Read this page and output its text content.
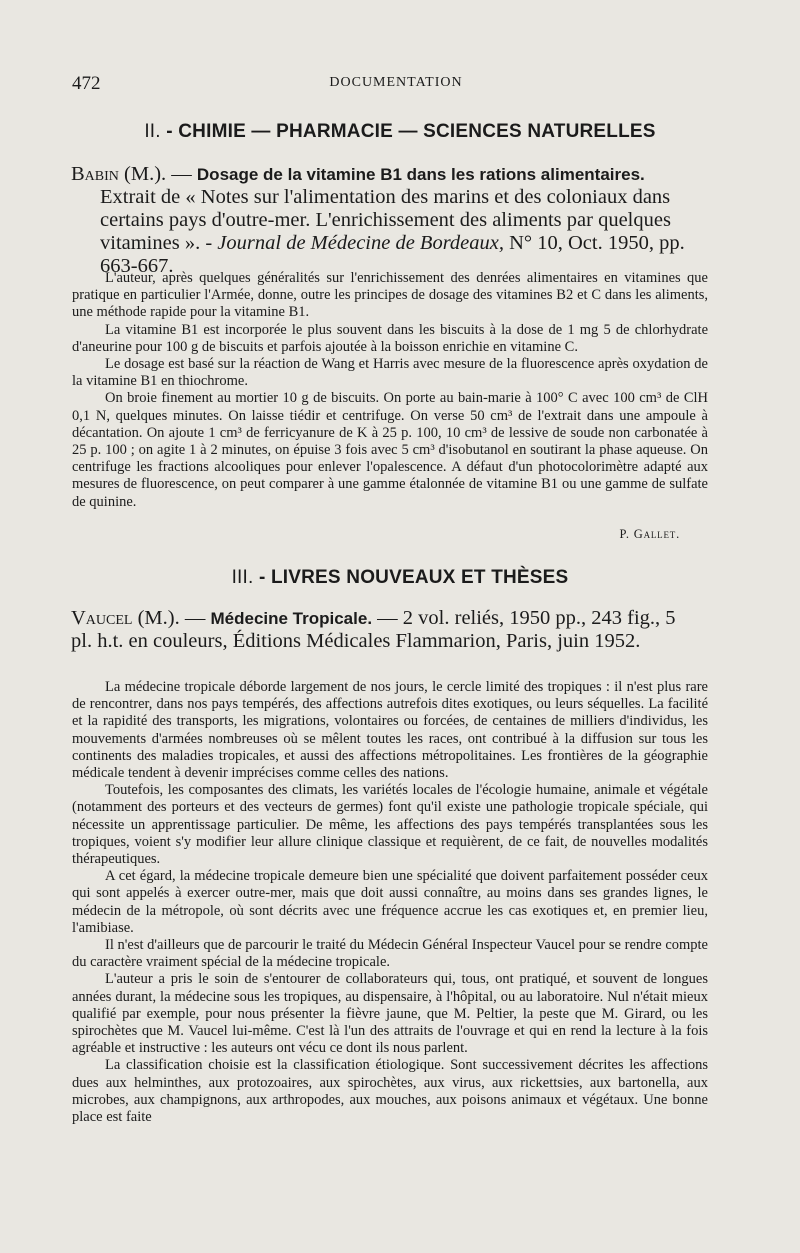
472	DOCUMENTATION
II. - CHIMIE — PHARMACIE — SCIENCES NATURELLES
Babin (M.). — Dosage de la vitamine B1 dans les rations alimentaires.
Extrait de « Notes sur l'alimentation des marins et des coloniaux dans certains pays d'outre-mer. L'enrichissement des aliments par quelques vitamines ». - Journal de Médecine de Bordeaux, N° 10, Oct. 1950, pp. 663-667.

L'auteur, après quelques généralités sur l'enrichissement des denrées alimentaires en vitamines que pratique en particulier l'Armée, donne, outre les principes de dosage des vitamines B2 et C dans les aliments, une méthode rapide pour la vitamine B1.

La vitamine B1 est incorporée le plus souvent dans les biscuits à la dose de 1 mg 5 de chlorhydrate d'aneurine pour 100 g de biscuits et parfois ajoutée à la boisson enrichie en vitamine C.

Le dosage est basé sur la réaction de Wang et Harris avec mesure de la fluorescence après oxydation de la vitamine B1 en thiochrome.

On broie finement au mortier 10 g de biscuits. On porte au bain-marie à 100° C avec 100 cm³ de ClH 0,1 N, quelques minutes. On laisse tiédir et centrifuge. On verse 50 cm³ de l'extrait dans une ampoule à décantation. On ajoute 1 cm³ de ferricyanure de K à 25 p. 100, 10 cm³ de lessive de soude non carbonatée à 25 p. 100 ; on agite 1 à 2 minutes, on épuise 3 fois avec 5 cm³ d'isobutanol en soutirant la phase aqueuse. On centrifuge les fractions alcooliques pour enlever l'opalescence. A défaut d'un photocolorimètre adapté aux mesures de fluorescence, on peut comparer à une gamme étalonnée de vitamine B1 ou une gamme de sulfate de quinine.

P. Gallet.
III. - LIVRES NOUVEAUX ET THÈSES
Vaucel (M.). — Médecine Tropicale. — 2 vol. reliés, 1950 pp., 243 fig., 5 pl. h.t. en couleurs, Éditions Médicales Flammarion, Paris, juin 1952.

La médecine tropicale déborde largement de nos jours, le cercle limité des tropiques : il n'est plus rare de rencontrer, dans nos pays tempérés, des affections autrefois dites exotiques, ou leurs séquelles. La facilité et la rapidité des transports, les migrations, volontaires ou forcées, de centaines de milliers d'individus, les mouvements d'armées nombreuses où se mêlent toutes les races, ont contribué à la diffusion sur tous les continents des maladies tropicales, et aussi des affections métropolitaines. Les frontières de la géographie médicale tendent à devenir imprécises comme celles des nations.

Toutefois, les composantes des climats, les variétés locales de l'écologie humaine, animale et végétale (notamment des porteurs et des vecteurs de germes) font qu'il existe une pathologie tropicale spéciale, qui nécessite un apprentissage particulier. De même, les affections des pays tempérés transplantées sous les tropiques, voient s'y modifier leur allure clinique classique et requièrent, de ce fait, de nouvelles modalités thérapeutiques.

A cet égard, la médecine tropicale demeure bien une spécialité que doivent parfaitement posséder ceux qui sont appelés à exercer outre-mer, mais que doit aussi connaître, au moins dans ses grandes lignes, le médecin de la métropole, où sont décrits avec une fréquence accrue les cas exotiques et, en premier lieu, l'amibiase.

Il n'est d'ailleurs que de parcourir le traité du Médecin Général Inspecteur Vaucel pour se rendre compte du caractère vraiment spécial de la médecine tropicale.

L'auteur a pris le soin de s'entourer de collaborateurs qui, tous, ont pratiqué, et souvent de longues années durant, la médecine sous les tropiques, au dispensaire, à l'hôpital, ou au laboratoire. Nul n'était mieux qualifié par exemple, pour nous présenter la fièvre jaune, que M. Peltier, la peste que M. Girard, ou les spirochètes que M. Vaucel lui-même. C'est là l'un des attraits de l'ouvrage et qui en rend la lecture à la fois agréable et instructive : les auteurs ont vécu ce dont ils nous parlent.

La classification choisie est la classification étiologique. Sont successivement décrites les affections dues aux helminthes, aux protozoaires, aux spirochètes, aux virus, aux rickettsies, aux bartonella, aux microbes, aux champignons, aux arthropodes, aux mouches, aux poisons animaux et végétaux. Une bonne place est faite
